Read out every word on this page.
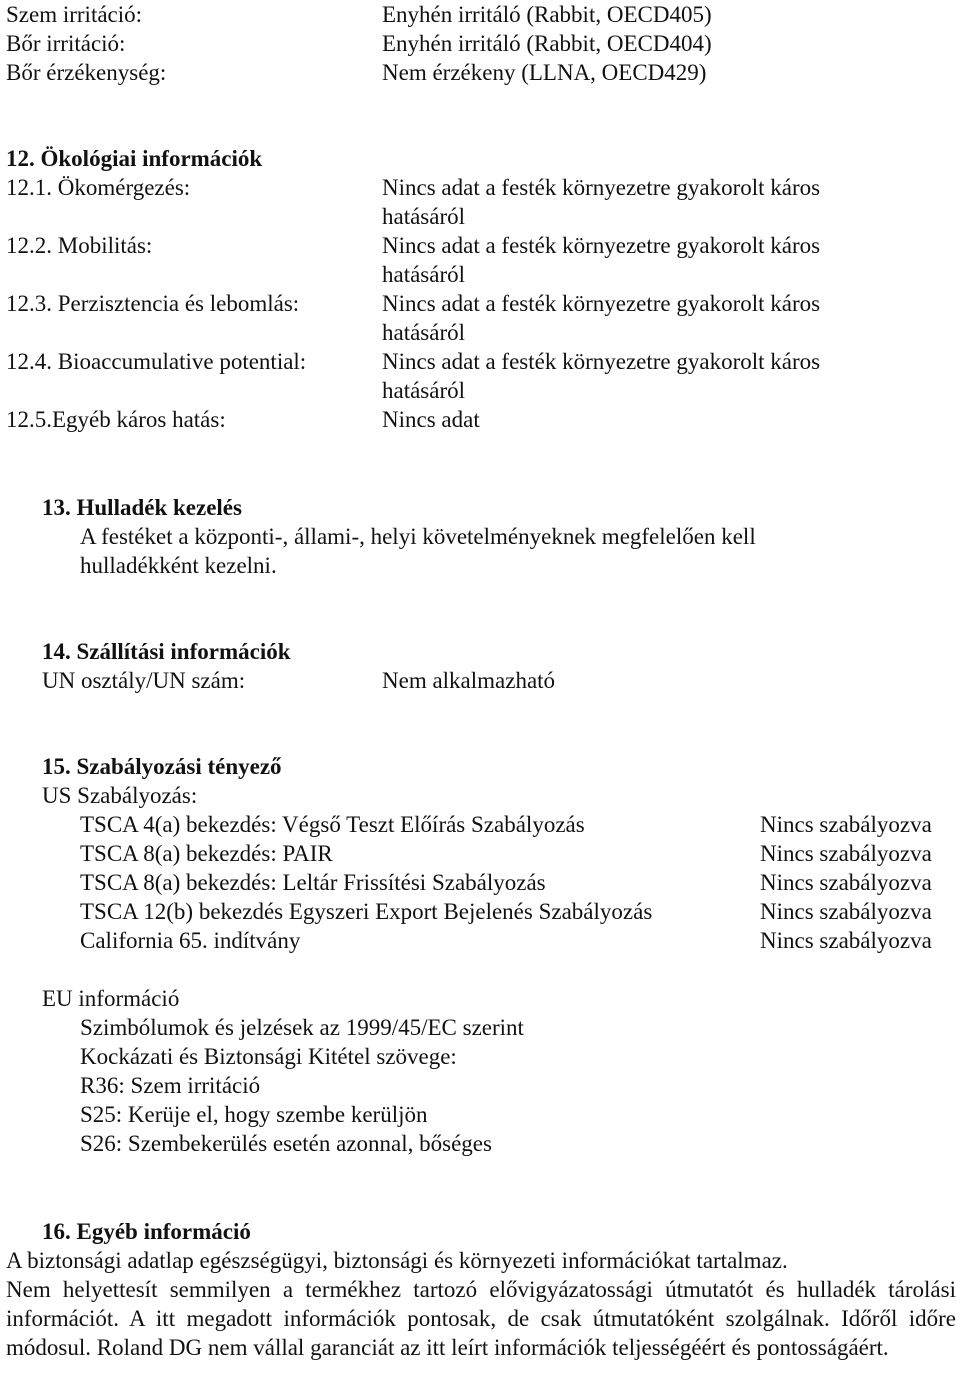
Szem irritáció:	Enyhén irritáló (Rabbit, OECD405)
Bőr irritáció:	Enyhén irritáló (Rabbit, OECD404)
Bőr érzékenység:	Nem érzékeny (LLNA, OECD429)
12. Ökológiai információk
12.1. Ökomérgezés:	Nincs adat a festék környezetre gyakorolt káros
hatásáról
12.2. Mobilitás:	Nincs adat a festék környezetre gyakorolt káros
hatásáról
12.3. Perzisztencia és lebomlás:	Nincs adat a festék környezetre gyakorolt káros
hatásáról
12.4. Bioaccumulative potential:	Nincs adat a festék környezetre gyakorolt káros
hatásáról
12.5.Egyéb káros hatás:	Nincs adat
13. Hulladék kezelés
A festéket a központi-, állami-, helyi követelményeknek megfelelően kell
hulladékként kezelni.
14. Szállítási információk
UN osztály/UN szám:	Nem alkalmazható
15. Szabályozási tényező
US Szabályozás:
TSCA 4(a) bekezdés: Végső Teszt Előírás Szabályozás	Nincs szabályozva
TSCA 8(a) bekezdés: PAIR	Nincs szabályozva
TSCA 8(a) bekezdés: Leltár Frissítési Szabályozás	Nincs szabályozva
TSCA 12(b) bekezdés Egyszeri Export Bejelenés Szabályozás	Nincs szabályozva
California 65. indítvány	Nincs szabályozva
EU információ
Szimbólumok és jelzések az 1999/45/EC szerint
Kockázati és Biztonsági Kitétel szövege:
R36: Szem irritáció
S25: Kerüje el, hogy szembe kerüljön
S26: Szembekerülés esetén azonnal, bőséges
16. Egyéb információ
A biztonsági adatlap egészségügyi, biztonsági és környezeti információkat tartalmaz.
Nem helyettesít semmilyen a termékhez tartozó elővigyázatossági útmutatót és hulladék tárolási információt. A itt megadott információk pontosak, de csak útmutatóként szolgálnak. Időről időre módosul. Roland DG nem vállal garanciát az itt leírt információk teljességéért és pontosságáért.
